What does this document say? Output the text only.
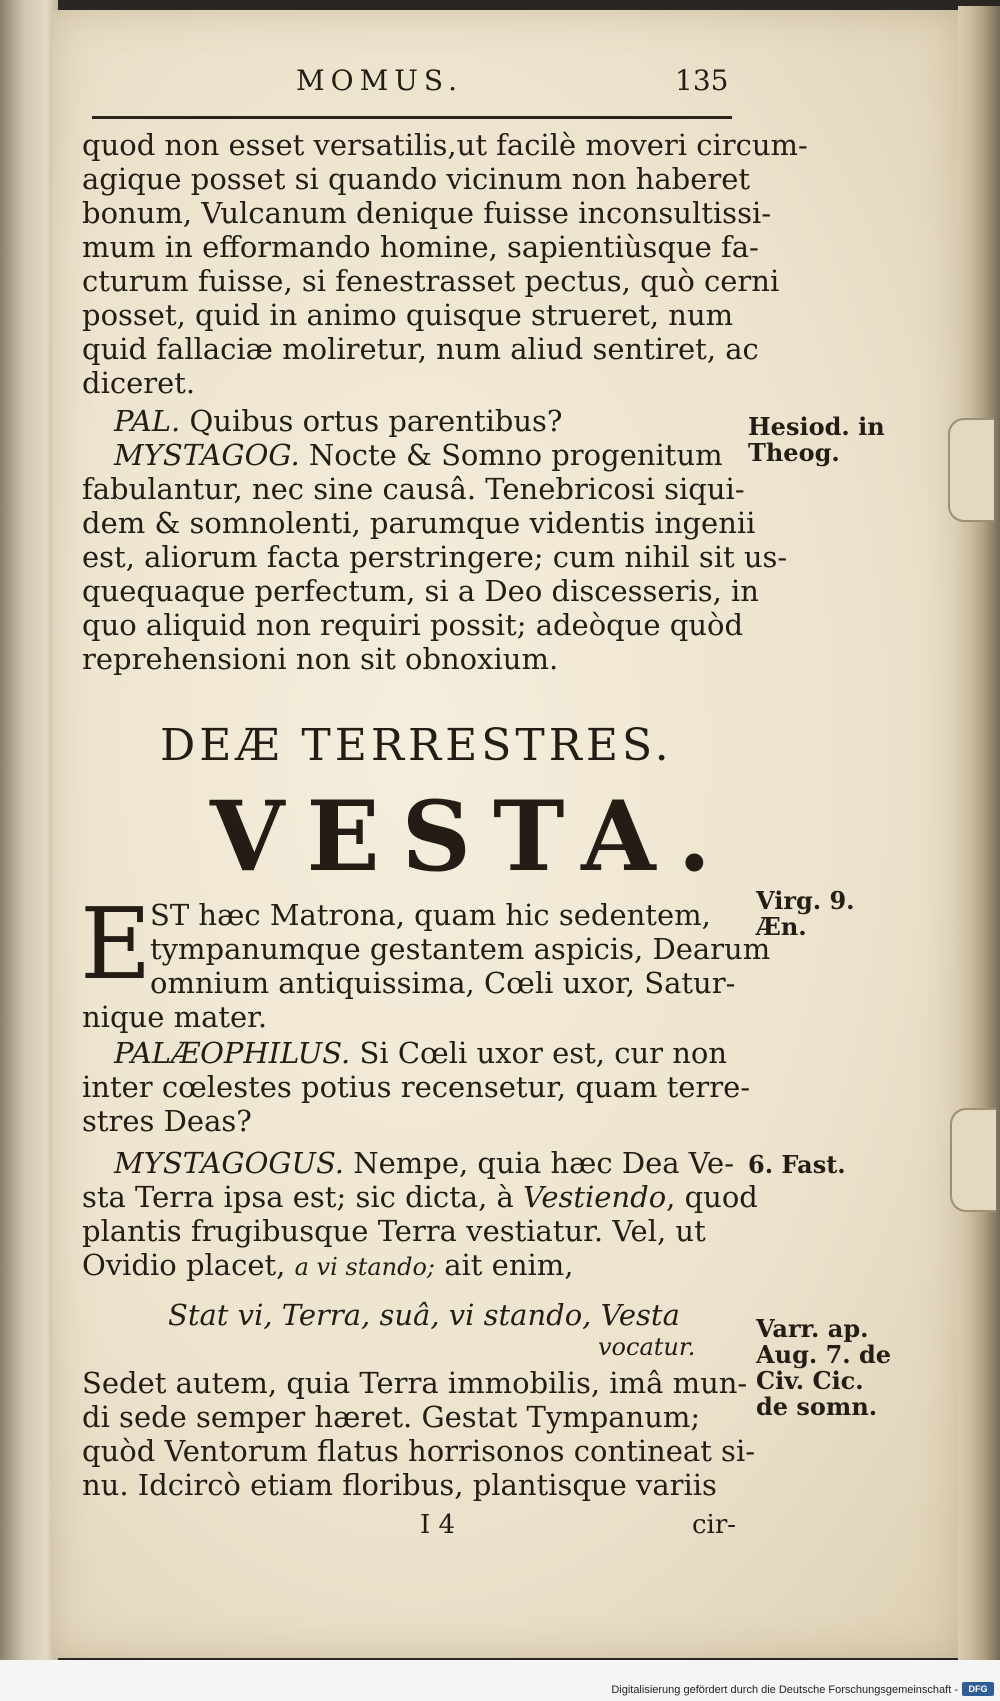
MOMUS.	135
quod non esset versatilis,ut facilè moveri circum-
agique posset si quando vicinum non haberet
bonum, Vulcanum denique fuisse inconsultissi-
mum in efformando homine, sapientiùsque fa-
cturum fuisse, si fenestrasset pectus, quò cerni
posset, quid in animo quisque strueret, num
quid fallaciæ moliretur, num aliud sentiret, ac
diceret.
PAL. Quibus ortus parentibus?
MYSTAGOG. Nocte & Somno progenitum
fabulantur, nec sine causâ. Tenebricosi siqui-
dem & somnolenti, parumque videntis ingenii
est, aliorum facta perstringere; cum nihil sit us-
quequaque perfectum, si a Deo discesseris, in
quo aliquid non requiri possit; adeòque quòd
reprehensioni non sit obnoxium.
DEÆ TERRESTRES.
VESTA.
E
ST hæc Matrona, quam hic sedentem,
tympanumque gestantem aspicis, Dearum
omnium antiquissima, Cœli uxor, Satur-
nique mater.
PALÆOPHILUS. Si Cœli uxor est, cur non
inter cœlestes potius recensetur, quam terre-
stres Deas?
MYSTAGOGUS. Nempe, quia hæc Dea Ve-
sta Terra ipsa est; sic dicta, à Vestiendo, quod
plantis frugibusque Terra vestiatur. Vel, ut
Ovidio placet, a vi stando; ait enim,
Stat vi, Terra, suâ, vi stando, Vesta
vocatur.
Sedet autem, quia Terra immobilis, imâ mun-
di sede semper hæret. Gestat Tympanum;
quòd Ventorum flatus horrisonos contineat si-
nu. Idcircò etiam floribus, plantisque variis
I 4	cir-
Hesiod. in
Theog.
Virg. 9.
Æn.
6. Fast.
Varr. ap.
Aug. 7. de
Civ. Cic.
de somn.
Digitalisierung gefördert durch die Deutsche Forschungsgemeinschaft -	DFG
